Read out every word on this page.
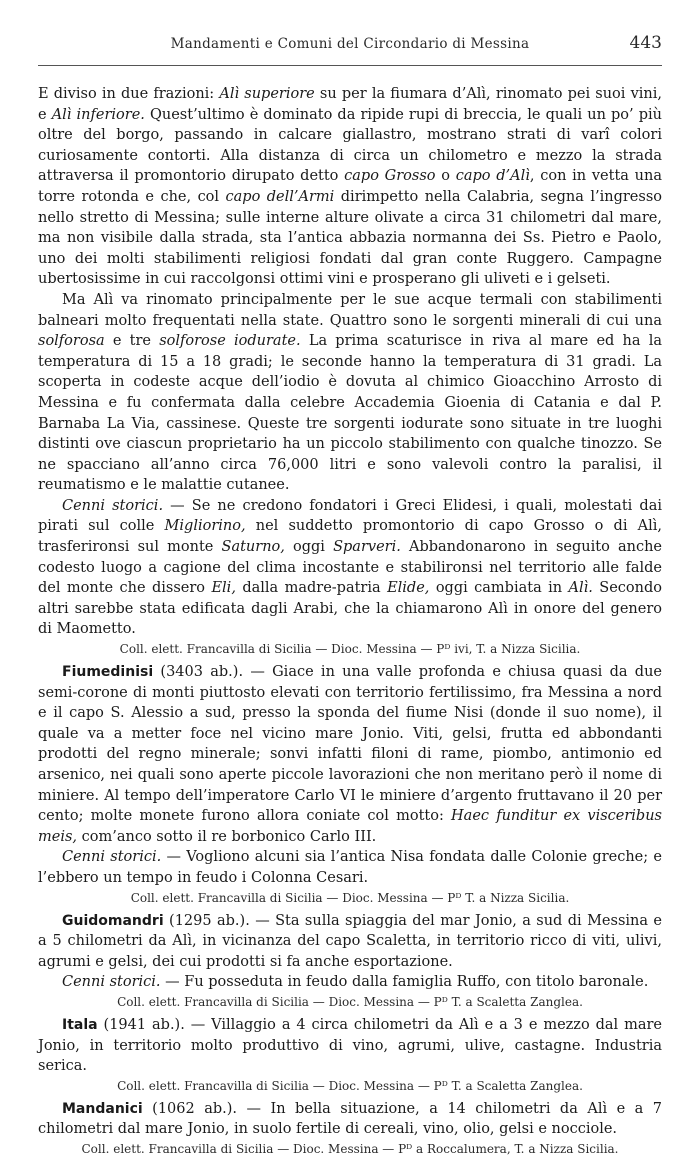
Mandamenti e Comuni del Circondario di Messina	443

E diviso in due frazioni: Alì superiore su per la fiumara d’Alì, rinomato pei suoi vini, e Alì inferiore. Quest’ultimo è dominato da ripide rupi di breccia, le quali un po’ più oltre del borgo, passando in calcare giallastro, mostrano strati di varî colori curiosamente contorti. Alla distanza di circa un chilometro e mezzo la strada attraversa il promontorio dirupato detto capo Grosso o capo d’Alì, con in vetta una torre rotonda e che, col capo dell’Armi dirimpetto nella Calabria, segna l’ingresso nello stretto di Messina; sulle interne alture olivate a circa 31 chilometri dal mare, ma non visibile dalla strada, sta l’antica abbazia normanna dei Ss. Pietro e Paolo, uno dei molti stabilimenti religiosi fondati dal gran conte Ruggero. Campagne ubertosissime in cui raccolgonsi ottimi vini e prosperano gli uliveti e i gelseti.

Ma Alì va rinomato principalmente per le sue acque termali con stabilimenti balneari molto frequentati nella state. Quattro sono le sorgenti minerali di cui una solforosa e tre solforose iodurate. La prima scaturisce in riva al mare ed ha la temperatura di 15 a 18 gradi; le seconde hanno la temperatura di 31 gradi. La scoperta in codeste acque dell’iodio è dovuta al chimico Gioacchino Arrosto di Messina e fu confermata dalla celebre Accademia Gioenia di Catania e dal P. Barnaba La Via, cassinese. Queste tre sorgenti iodurate sono situate in tre luoghi distinti ove ciascun proprietario ha un piccolo stabilimento con qualche tinozzo. Se ne spacciano all’anno circa 76,000 litri e sono valevoli contro la paralisi, il reumatismo e le malattie cutanee.

Cenni storici. — Se ne credono fondatori i Greci Elidesi, i quali, molestati dai pirati sul colle Migliorino, nel suddetto promontorio di capo Grosso o di Alì, trasferironsi sul monte Saturno, oggi Sparveri. Abbandonarono in seguito anche codesto luogo a cagione del clima incostante e stabilironsi nel territorio alle falde del monte che dissero Eli, dalla madre-patria Elide, oggi cambiata in Alì. Secondo altri sarebbe stata edificata dagli Arabi, che la chiamarono Alì in onore del genero di Maometto.

Coll. elett. Francavilla di Sicilia — Dioc. Messina — Pᴰ ivi, T. a Nizza Sicilia.

Fiumedinisi (3403 ab.). — Giace in una valle profonda e chiusa quasi da due semi-corone di monti piuttosto elevati con territorio fertilissimo, fra Messina a nord e il capo S. Alessio a sud, presso la sponda del fiume Nisi (donde il suo nome), il quale va a metter foce nel vicino mare Jonio. Viti, gelsi, frutta ed abbondanti prodotti del regno minerale; sonvi infatti filoni di rame, piombo, antimonio ed arsenico, nei quali sono aperte piccole lavorazioni che non meritano però il nome di miniere. Al tempo dell’imperatore Carlo VI le miniere d’argento fruttavano il 20 per cento; molte monete furono allora coniate col motto: Haec funditur ex visceribus meis, com’anco sotto il re borbonico Carlo III.

Cenni storici. — Vogliono alcuni sia l’antica Nisa fondata dalle Colonie greche; e l’ebbero un tempo in feudo i Colonna Cesari.

Coll. elett. Francavilla di Sicilia — Dioc. Messina — Pᴰ T. a Nizza Sicilia.

Guidomandri (1295 ab.). — Sta sulla spiaggia del mar Jonio, a sud di Messina e a 5 chilometri da Alì, in vicinanza del capo Scaletta, in territorio ricco di viti, ulivi, agrumi e gelsi, dei cui prodotti si fa anche esportazione.

Cenni storici. — Fu posseduta in feudo dalla famiglia Ruffo, con titolo baronale.

Coll. elett. Francavilla di Sicilia — Dioc. Messina — Pᴰ T. a Scaletta Zanglea.

Itala (1941 ab.). — Villaggio a 4 circa chilometri da Alì e a 3 e mezzo dal mare Jonio, in territorio molto produttivo di vino, agrumi, ulive, castagne. Industria serica.

Coll. elett. Francavilla di Sicilia — Dioc. Messina — Pᴰ T. a Scaletta Zanglea.

Mandanici (1062 ab.). — In bella situazione, a 14 chilometri da Alì e a 7 chilometri dal mare Jonio, in suolo fertile di cereali, vino, olio, gelsi e nocciole.

Coll. elett. Francavilla di Sicilia — Dioc. Messina — Pᴰ a Roccalumera, T. a Nizza Sicilia.
